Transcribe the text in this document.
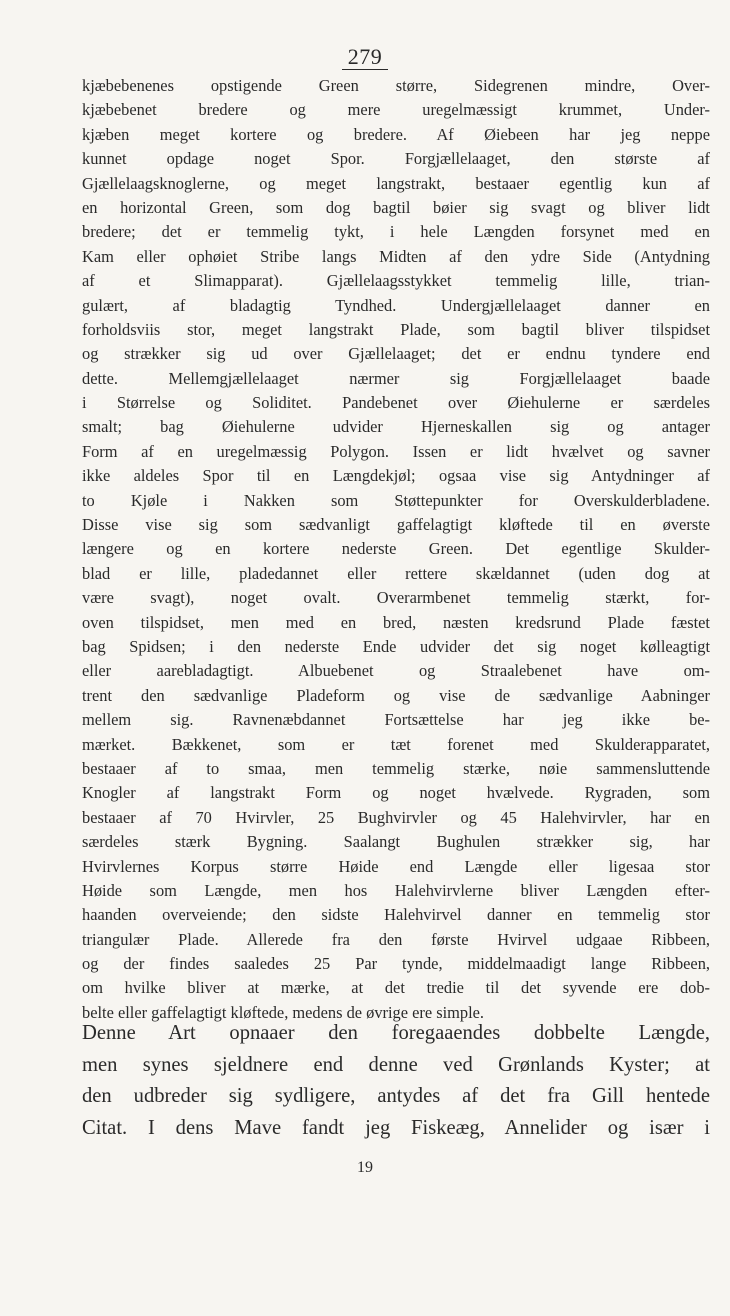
279
kjæbebenenes opstigende Green større, Sidegrenen mindre, Over-
kjæbebenet bredere og mere uregelmæssigt krummet, Under-
kjæben meget kortere og bredere. Af Øiebeen har jeg neppe
kunnet opdage noget Spor. Forgjællelaaget, den største af
Gjællelaagsknoglerne, og meget langstrakt, bestaaer egentlig kun af
en horizontal Green, som dog bagtil bøier sig svagt og bliver lidt
bredere; det er temmelig tykt, i hele Længden forsynet med en
Kam eller ophøiet Stribe langs Midten af den ydre Side (Antydning
af et Slimapparat). Gjællelaagsstykket temmelig lille, trian-
gulært, af bladagtig Tyndhed. Undergjællelaaget danner en
forholdsviis stor, meget langstrakt Plade, som bagtil bliver tilspidset
og strækker sig ud over Gjællelaaget; det er endnu tyndere end
dette. Mellemgjællelaaget nærmer sig Forgjællelaaget baade
i Størrelse og Soliditet. Pandebenet over Øiehulerne er særdeles
smalt; bag Øiehulerne udvider Hjerneskallen sig og antager
Form af en uregelmæssig Polygon. Issen er lidt hvælvet og savner
ikke aldeles Spor til en Længdekjøl; ogsaa vise sig Antydninger af
to Kjøle i Nakken som Støttepunkter for Overskulderbladene.
Disse vise sig som sædvanligt gaffelagtigt kløftede til en øverste
længere og en kortere nederste Green. Det egentlige Skulder-
blad er lille, pladedannet eller rettere skældannet (uden dog at
være svagt), noget ovalt. Overarmbenet temmelig stærkt, for-
oven tilspidset, men med en bred, næsten kredsrund Plade fæstet
bag Spidsen; i den nederste Ende udvider det sig noget kølleagtigt
eller aarebladagtigt. Albuebenet og Straalebenet have om-
trent den sædvanlige Pladeform og vise de sædvanlige Aabninger
mellem sig. Ravnenæbdannet Fortsættelse har jeg ikke be-
mærket. Bækkenet, som er tæt forenet med Skulderapparatet,
bestaaer af to smaa, men temmelig stærke, nøie sammensluttende
Knogler af langstrakt Form og noget hvælvede. Rygraden, som
bestaaer af 70 Hvirvler, 25 Bughvirvler og 45 Halehvirvler, har en
særdeles stærk Bygning. Saalangt Bughulen strækker sig, har
Hvirvlernes Korpus større Høide end Længde eller ligesaa stor
Høide som Længde, men hos Halehvirvlerne bliver Længden efter-
haanden overveiende; den sidste Halehvirvel danner en temmelig stor
triangulær Plade. Allerede fra den første Hvirvel udgaae Ribbeen,
og der findes saaledes 25 Par tynde, middelmaadigt lange Ribbeen,
om hvilke bliver at mærke, at det tredie til det syvende ere dob-
belte eller gaffelagtigt kløftede, medens de øvrige ere simple.
Denne Art opnaaer den foregaaendes dobbelte Længde,
men synes sjeldnere end denne ved Grønlands Kyster; at
den udbreder sig sydligere, antydes af det fra Gill hentede
Citat. I dens Mave fandt jeg Fiskeæg, Annelider og især i
19
